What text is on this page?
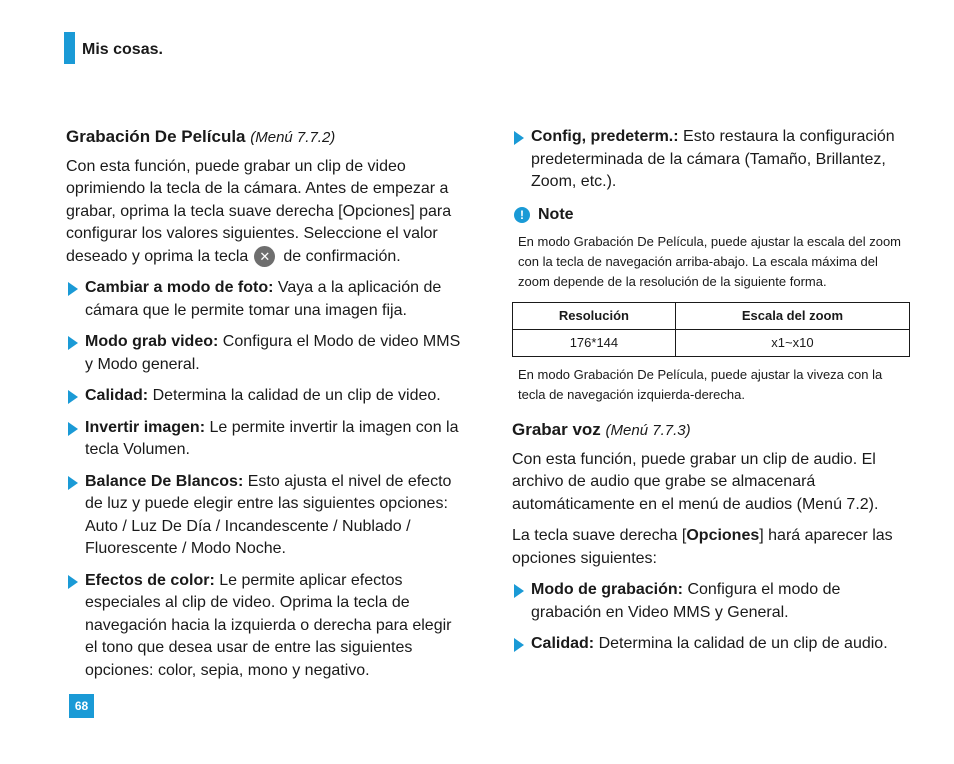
Mis cosas.
Grabación De Película (Menú 7.7.2)

Con esta función, puede grabar un clip de video oprimiendo la tecla de la cámara. Antes de empezar a grabar, oprima la tecla suave derecha [Opciones] para configurar los valores siguientes. Seleccione el valor deseado y oprima la tecla ✕ de confirmación.

Cambiar a modo de foto: Vaya a la aplicación de cámara que le permite tomar una imagen fija.
Modo grab video: Configura el Modo de video MMS y Modo general.
Calidad: Determina la calidad de un clip de video.
Invertir imagen: Le permite invertir la imagen con la tecla Volumen.
Balance De Blancos: Esto ajusta el nivel de efecto de luz y puede elegir entre las siguientes opciones: Auto / Luz De Día / Incandescente / Nublado / Fluorescente / Modo Noche.
Efectos de color: Le permite aplicar efectos especiales al clip de video. Oprima la tecla de navegación hacia la izquierda o derecha para elegir el tono que desea usar de entre las siguientes opciones: color, sepia, mono y negativo.
Config, predeterm.: Esto restaura la configuración predeterminada de la cámara (Tamaño, Brillantez, Zoom, etc.).
! Note
En modo Grabación De Película, puede ajustar la escala del zoom con la tecla de navegación arriba-abajo. La escala máxima del zoom depende de la resolución de la siguiente forma.
Resolución	Escala del zoom
176*144	x1~x10
En modo Grabación De Película, puede ajustar la viveza con la tecla de navegación izquierda-derecha.
Grabar voz (Menú 7.7.3)

Con esta función, puede grabar un clip de audio. El archivo de audio que grabe se almacenará automáticamente en el menú de audios (Menú 7.2).

La tecla suave derecha [Opciones] hará aparecer las opciones siguientes:

Modo de grabación: Configura el modo de grabación en Video MMS y General.
Calidad: Determina la calidad de un clip de audio.
68
